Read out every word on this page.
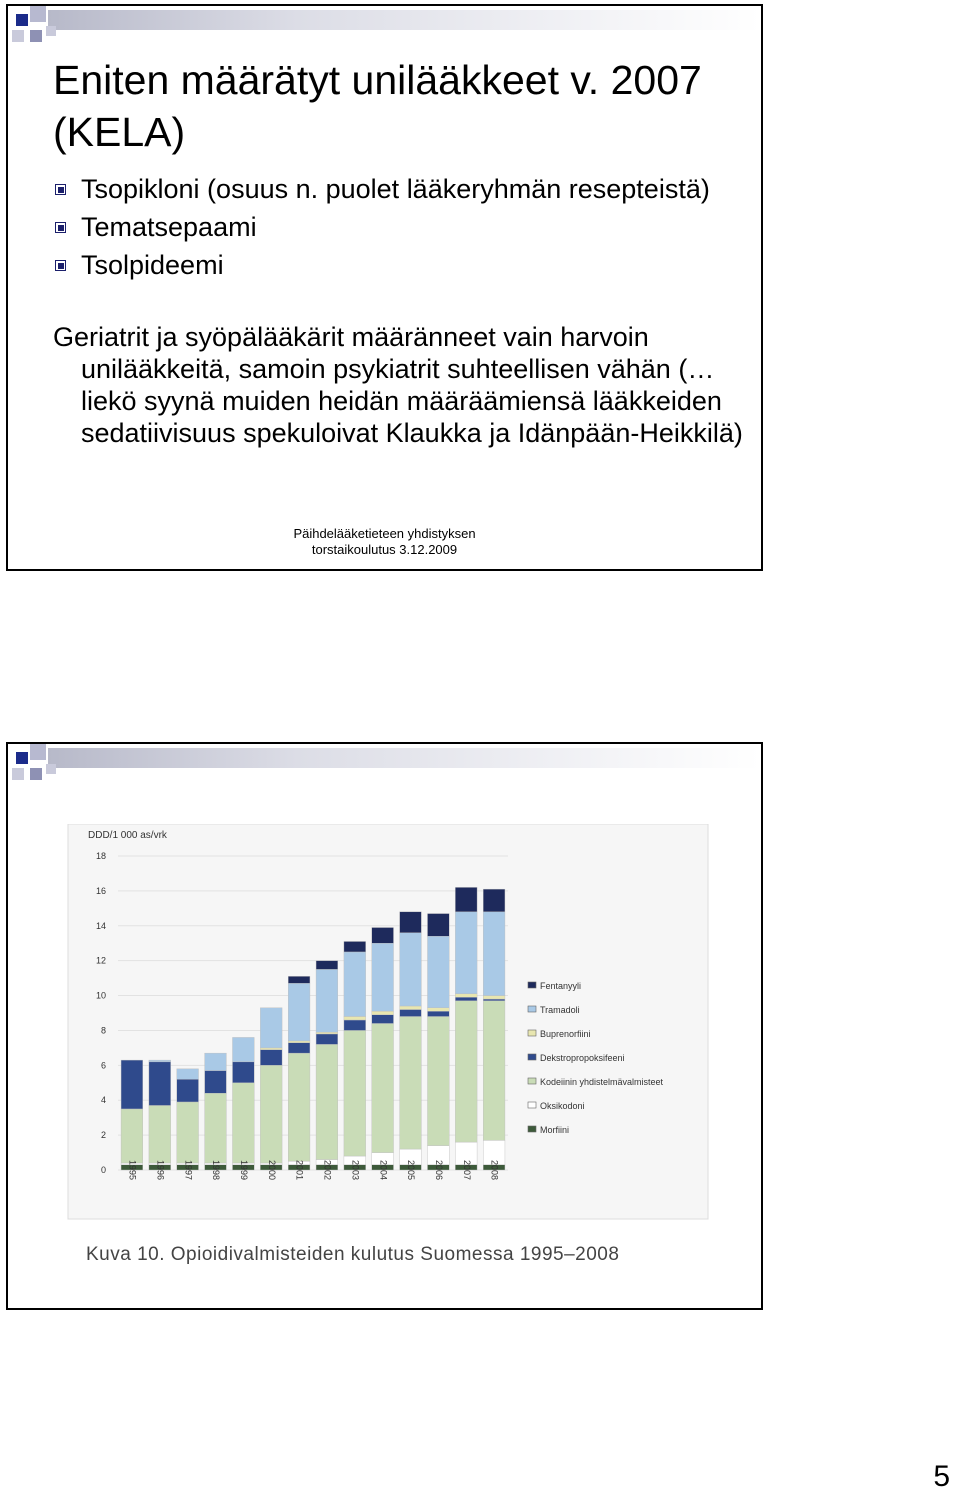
Eniten määrätyt unilääkkeet v. 2007 (KELA)
Tsopikloni (osuus n. puolet lääkeryhmän resepteistä)
Tematsepaami
Tsolpideemi
Geriatrit ja syöpälääkärit määränneet vain harvoin
unilääkkeitä, samoin psykiatrit suhteellisen vähän (…liekö syynä muiden heidän määräämiensä lääkkeiden sedatiivisuus spekuloivat Klaukka ja Idänpään-Heikkilä)
Päihdelääketieteen yhdistyksen
torstaikoulutus 3.12.2009
DDD/1 000 as/vrk
0
2
4
6
8
10
12
14
16
18
1995 1996 1997 1998 1999 2000 2001 2002 2003 2004 2005 2006 2007 2008
Fentanyyli
Tramadoli
Buprenorfiini
Dekstropropoksifeeni
Kodeiinin yhdistelmävalmisteet
Oksikodoni
Morfiini
Kuva 10. Opioidivalmisteiden kulutus Suomessa 1995–2008
5
